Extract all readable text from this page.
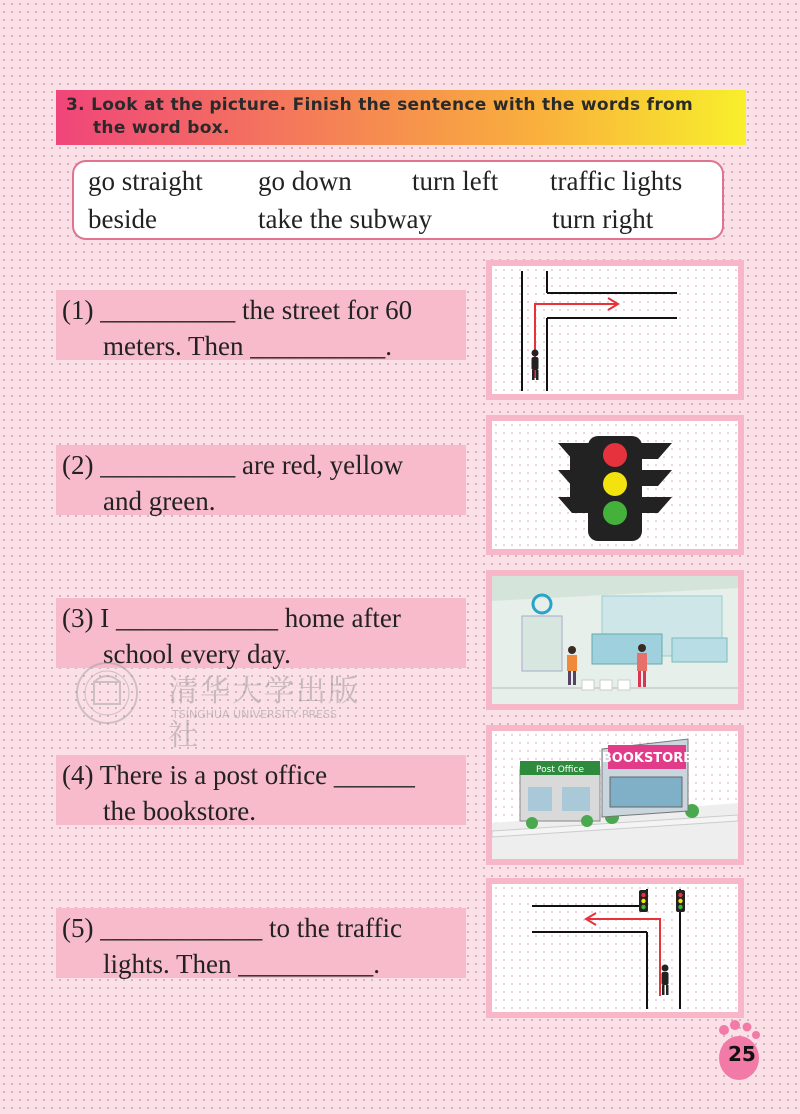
3. Look at the picture. Finish the sentence with the words from
the word box.
go straight go down turn left traffic lights
beside	take the subway	turn right
(1) __________ the street for 60
meters. Then __________.
(2) __________ are red, yellow
and green.
(3) I ____________ home after
school every day.
(4) There is a post office ______
the bookstore.
(5) ____________ to the traffic
lights. Then __________.
Post Office
BOOKSTORE
清华大学出版社
TSINGHUA UNIVERSITY PRESS
25
